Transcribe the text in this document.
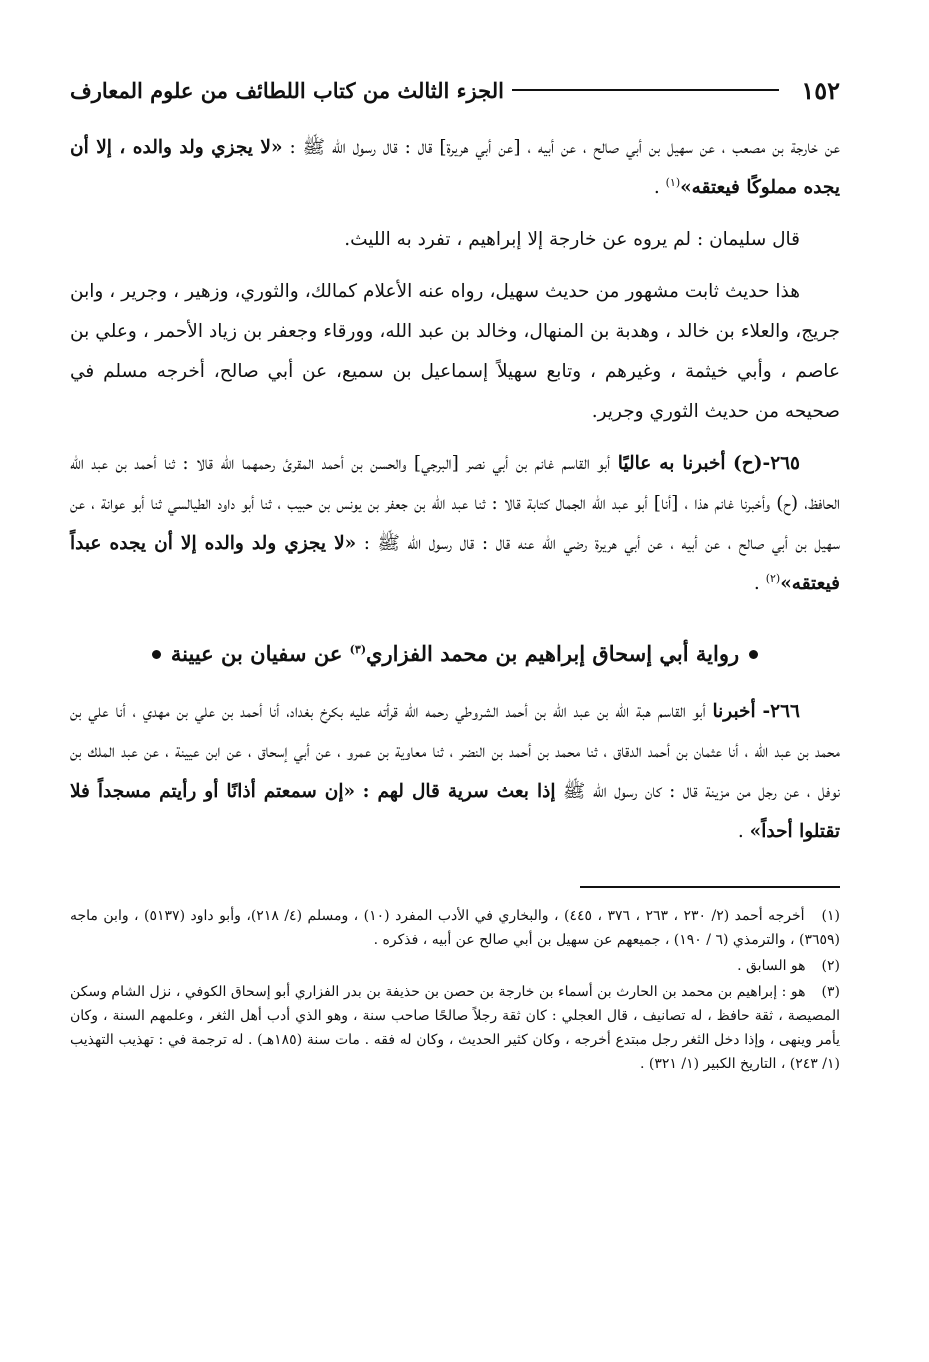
١٥٢
الجزء الثالث من كتاب اللطائف من علوم المعارف

عن خارجة بن مصعب ، عن سهيل بن أبي صالح ، عن أبيه ، [عن أبي هريرة] قال : قال رسول الله ﷺ : «لا يجزي ولد والده ، إلا أن يجده مملوكًا فيعتقه»$^{(١)}$ .

قال سليمان : لم يروه عن خارجة إلا إبراهيم ، تفرد به الليث.

هذا حديث ثابت مشهور من حديث سهيل، رواه عنه الأعلام كمالك، والثوري، وزهير ، وجرير ، وابن جريج، والعلاء بن خالد ، وهدبة بن المنهال، وخالد بن عبد الله، وورقاء وجعفر بن زياد الأحمر ، وعلي بن عاصم ، وأبي خيثمة ، وغيرهم ، وتابع سهيلاً إسماعيل بن سميع، عن أبي صالح، أخرجه مسلم في صحيحه من حديث الثوري وجرير.

٢٦٥-(ح) أخبرنا به عاليًا أبو القاسم غانم بن أبي نصر [البرجي] والحسن بن أحمد المقرئ رحمهما الله قالا : ثنا أحمد بن عبد الله الحافظ، (ح) وأخبرنا غانم هذا ، [أنا] أبو عبد الله الجمال كتابة قالا : ثنا عبد الله بن جعفر بن يونس بن حبيب ، ثنا أبو داود الطيالسي ثنا أبو عوانة ، عن سهيل بن أبي صالح ، عن أبيه ، عن أبي هريرة رضي الله عنه قال : قال رسول الله ﷺ : «لا يجزي ولد والده إلا أن يجده عبداً فيعتقه»$^{(٢)}$ .

رواية أبي إسحاق إبراهيم بن محمد الفزاري$^{(٣)}$ عن سفيان بن عيينة

٢٦٦- أخبرنا أبو القاسم هبة الله بن عبد الله بن أحمد الشروطي رحمه الله قرأته عليه بكرخ بغداد، أنا أحمد بن علي بن مهدي ، أنا علي بن محمد بن عبد الله ، أنا عثمان بن أحمد الدقاق ، ثنا محمد بن أحمد بن النضر ، ثنا معاوية بن عمرو ، عن أبي إسحاق ، عن ابن عيينة ، عن عبد الملك بن نوفل ، عن رجل من مزينة قال : كان رسول الله ﷺ إذا بعث سرية قال لهم : «إن سمعتم أذانًا أو رأيتم مسجداً فلا تقتلوا أحداً» .

(١) أخرجه أحمد (٢/ ٢٣٠ ، ٢٦٣ ، ٣٧٦ ، ٤٤٥) ، والبخاري في الأدب المفرد (١٠) ، ومسلم (٤/ ٢١٨)، وأبو داود (٥١٣٧) ، وابن ماجه (٣٦٥٩) ، والترمذي (٦ / ١٩٠) ، جميعهم عن سهيل بن أبي صالح عن أبيه ، فذكره .

(٢) هو السابق .

(٣) هو : إبراهيم بن محمد بن الحارث بن أسماء بن خارجة بن حصن بن حذيفة بن بدر الفزاري أبو إسحاق الكوفي ، نزل الشام وسكن المصيصة ، ثقة حافظ ، له تصانيف ، قال العجلي : كان ثقة رجلاً صالحًا صاحب سنة ، وهو الذي أدب أهل الثغر ، وعلمهم السنة ، وكان يأمر وينهى ، وإذا دخل الثغر رجل مبتدع أخرجه ، وكان كثير الحديث ، وكان له فقه . مات سنة (١٨٥هـ) . له ترجمة في : تهذيب التهذيب (١/ ٢٤٣) ، التاريخ الكبير (١/ ٣٢١) .
